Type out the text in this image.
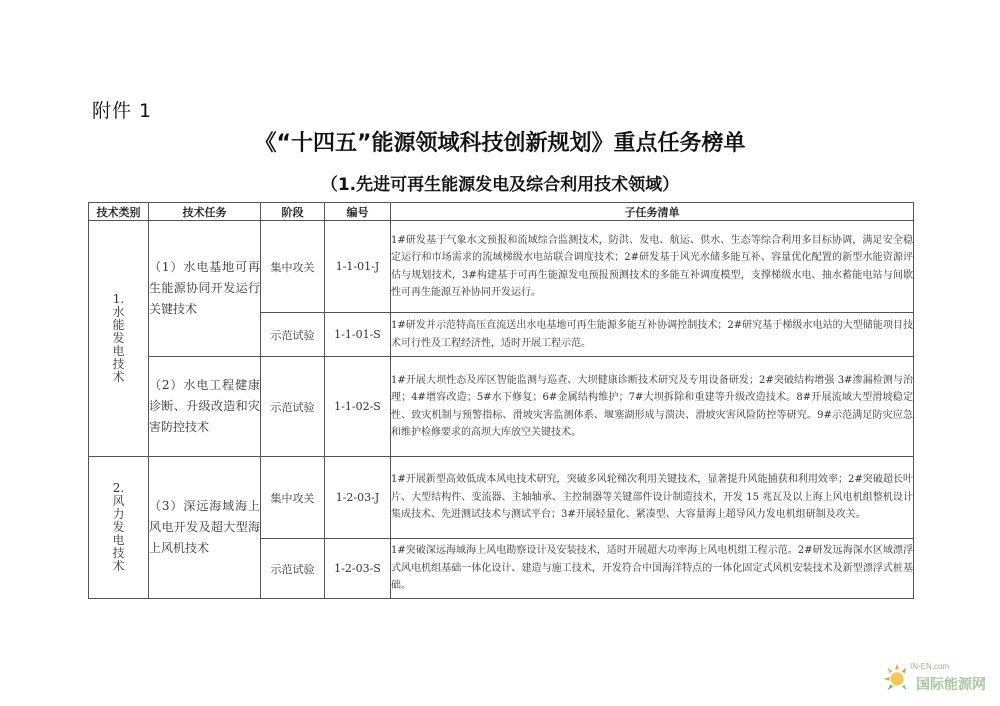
附件 1
《“十四五”能源领域科技创新规划》重点任务榜单
（1.先进可再生能源发电及综合利用技术领域）
技术类别	技术任务	阶段	编号	子任务清单
1.水能发电技术	（1）水电基地可再生能源协同开发运行关键技术	集中攻关	1-1-01-J	1#研发基于气象水文预报和流域综合监测技术，防洪、发电、航运、供水、生态等综合利用多目标协调，满足安全稳定运行和市场需求的流域梯级水电站联合调度技术；2#研发基于风光水储多能互补、容量优化配置的新型水能资源评估与规划技术，3#构建基于可再生能源发电预报预测技术的多能互补调度模型，支撑梯级水电、抽水蓄能电站与间歇性可再生能源互补协同开发运行。
		示范试验	1-1-01-S	1#研发并示范特高压直流送出水电基地可再生能源多能互补协调控制技术；2#研究基于梯级水电站的大型储能项目技术可行性及工程经济性，适时开展工程示范。
	（2）水电工程健康诊断、升级改造和灾害防控技术	示范试验	1-1-02-S	1#开展大坝性态及库区智能监测与巡查、大坝健康诊断技术研究及专用设备研发；2#突破结构增强 3#渗漏检测与治理；4#增容改造；5#水下修复；6#金属结构维护；7#大坝拆除和重建等升级改造技术。8#开展流域大型滑坡稳定性、致灾机制与预警指标、滑坡灾害监测体系、堰塞湖形成与溃决、滑坡灾害风险防控等研究。9#示范满足防灾应急和维护检修要求的高坝大库放空关键技术。
2.风力发电技术	（3）深远海域海上风电开发及超大型海上风机技术	集中攻关	1-2-03-J	1#开展新型高效低成本风电技术研究，突破多风轮梯次利用关键技术，显著提升风能捕获和利用效率；2#突破超长叶片、大型结构件、变流器、主轴轴承、主控制器等关键部件设计制造技术，开发 15 兆瓦及以上海上风电机组整机设计集成技术、先进测试技术与测试平台；3#开展轻量化、紧凑型、大容量海上超导风力发电机组研制及攻关。
		示范试验	1-2-03-S	1#突破深远海域海上风电勘察设计及安装技术，适时开展超大功率海上风电机组工程示范。2#研发远海深水区域漂浮式风电机组基础一体化设计、建造与施工技术，开发符合中国海洋特点的一体化固定式风机安装技术及新型漂浮式桩基础。
IN-EN.com
国际能源网
